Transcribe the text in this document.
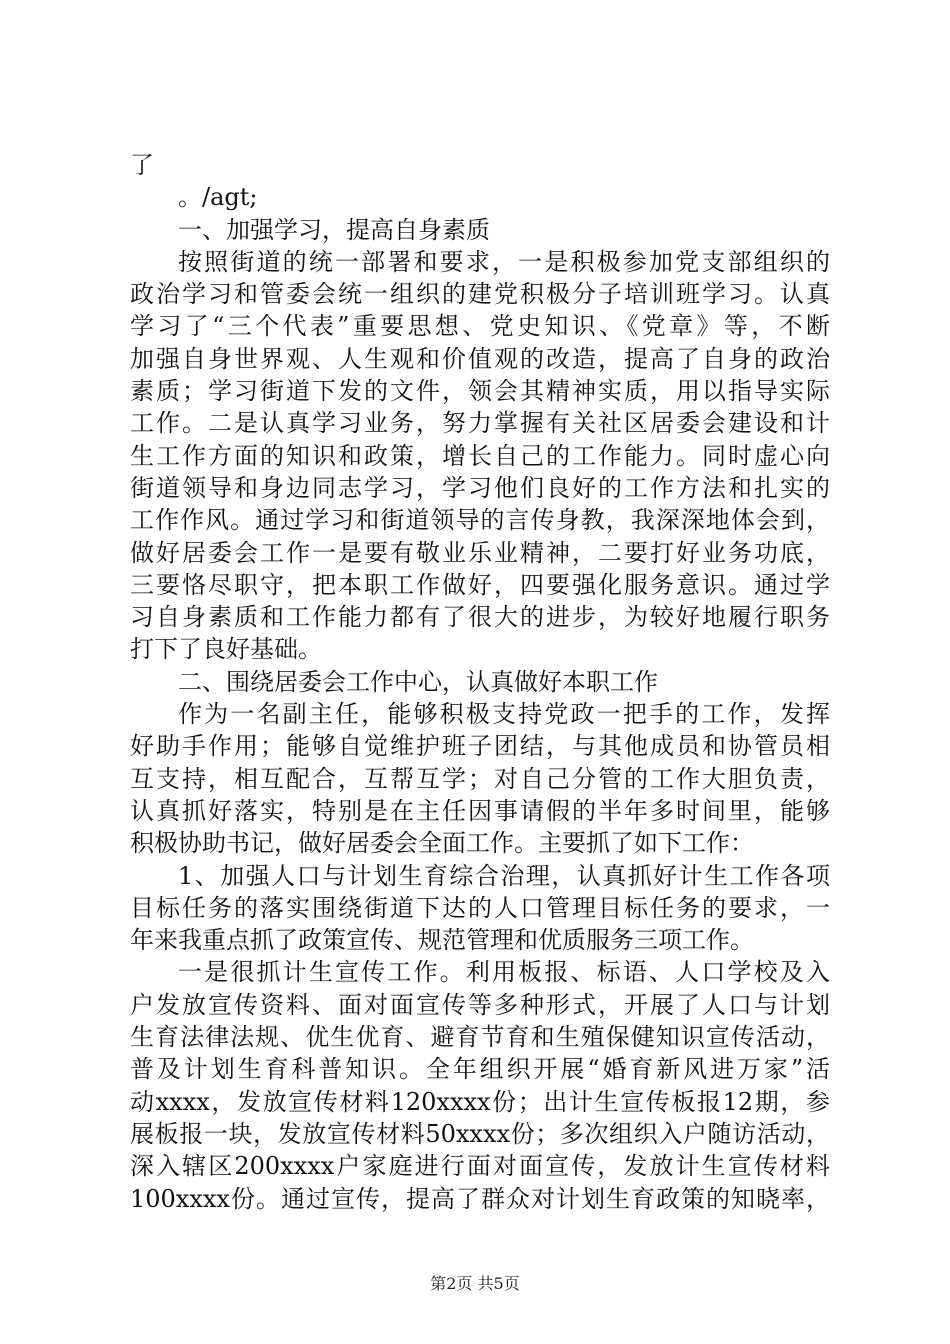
了
。/agt;
一、加强学习，提高自身素质
按照街道的统一部署和要求，一是积极参加党支部组织的
政治学习和管委会统一组织的建党积极分子培训班学习。认真
学习了“三个代表”重要思想、党史知识、《党章》等，不断
加强自身世界观、人生观和价值观的改造，提高了自身的政治
素质；学习街道下发的文件，领会其精神实质，用以指导实际
工作。二是认真学习业务，努力掌握有关社区居委会建设和计
生工作方面的知识和政策，增长自己的工作能力。同时虚心向
街道领导和身边同志学习，学习他们良好的工作方法和扎实的
工作作风。通过学习和街道领导的言传身教，我深深地体会到，
做好居委会工作一是要有敬业乐业精神，二要打好业务功底，
三要恪尽职守，把本职工作做好，四要强化服务意识。通过学
习自身素质和工作能力都有了很大的进步，为较好地履行职务
打下了良好基础。
二、围绕居委会工作中心，认真做好本职工作
作为一名副主任，能够积极支持党政一把手的工作，发挥
好助手作用；能够自觉维护班子团结，与其他成员和协管员相
互支持，相互配合，互帮互学；对自己分管的工作大胆负责，
认真抓好落实，特别是在主任因事请假的半年多时间里，能够
积极协助书记，做好居委会全面工作。主要抓了如下工作：
1、加强人口与计划生育综合治理，认真抓好计生工作各项
目标任务的落实围绕街道下达的人口管理目标任务的要求，一
年来我重点抓了政策宣传、规范管理和优质服务三项工作。
一是很抓计生宣传工作。利用板报、标语、人口学校及入
户发放宣传资料、面对面宣传等多种形式，开展了人口与计划
生育法律法规、优生优育、避育节育和生殖保健知识宣传活动，
普及计划生育科普知识。全年组织开展“婚育新风进万家”活
动xxxx，发放宣传材料120xxxx份；出计生宣传板报12期，参
展板报一块，发放宣传材料50xxxx份；多次组织入户随访活动，
深入辖区200xxxx户家庭进行面对面宣传，发放计生宣传材料
100xxxx份。通过宣传，提高了群众对计划生育政策的知晓率，
第2页 共5页
